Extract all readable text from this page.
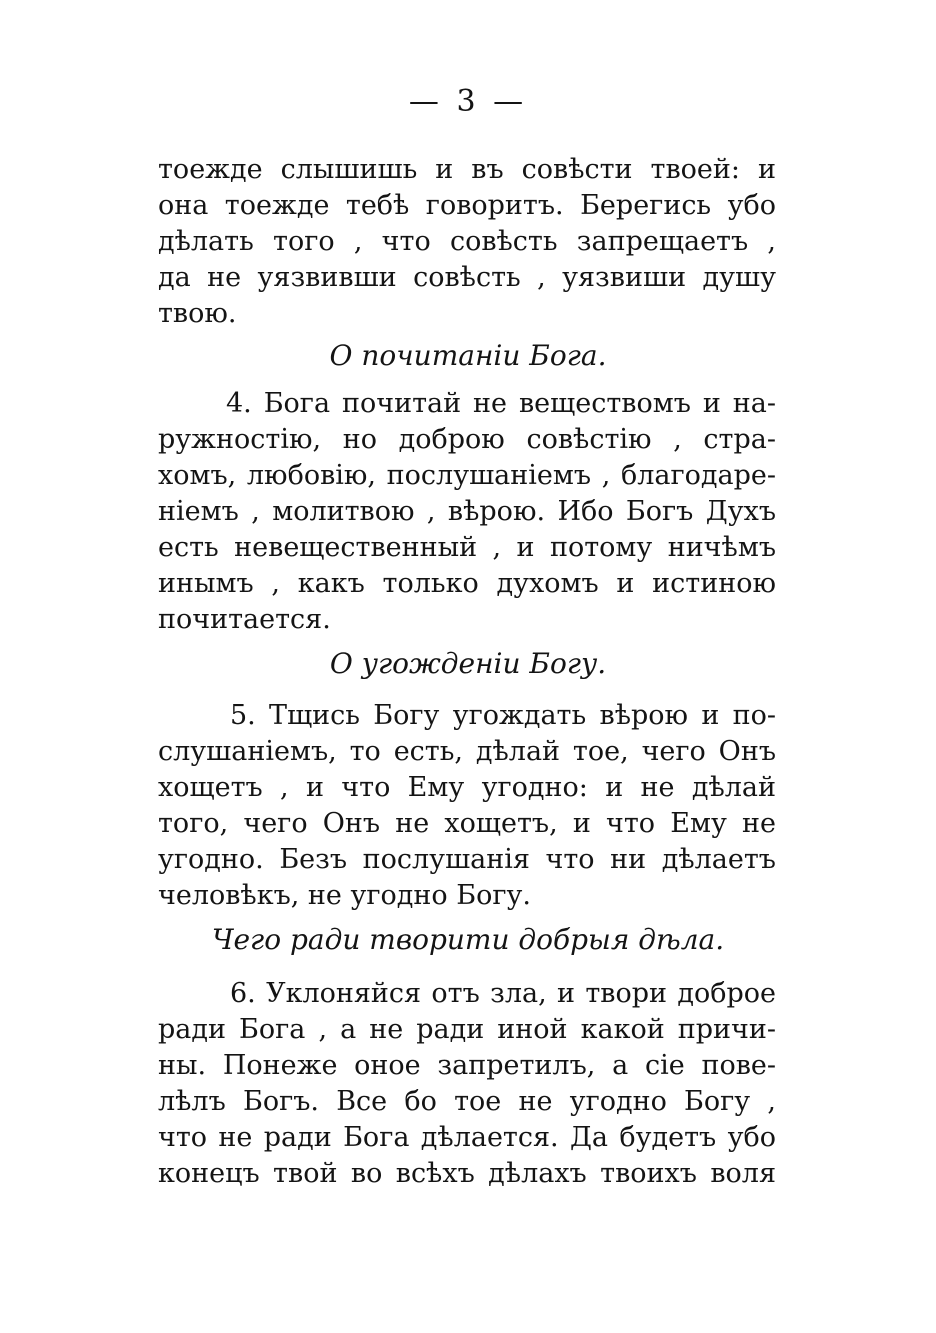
— 3 —
тоежде слышишь и въ совѣсти твоей: и
она тоежде тебѣ говоритъ. Берегись убо
дѣлать того , что совѣсть запрещаетъ ,
да не уязвивши совѣсть , уязвиши душу
твою.
О почитаніи Бога.
4. Бога почитай не веществомъ и на-
ружностію, но доброю совѣстію , стра-
хомъ, любовію, послушаніемъ , благодаре-
ніемъ , молитвою , вѣрою. Ибо Богъ Духъ
есть невещественный , и потому ничѣмъ
инымъ , какъ только духомъ и истиною
почитается.
О угожденіи Богу.
5. Тщись Богу угождать вѣрою и по-
слушаніемъ, то есть, дѣлай тое, чего Онъ
хощетъ , и что Ему угодно: и не дѣлай
того, чего Онъ не хощетъ, и что Ему не
угодно. Безъ послушанія что ни дѣлаетъ
человѣкъ, не угодно Богу.
Чего ради творити добрыя дѣла.
6. Уклоняйся отъ зла, и твори доброе
ради Бога , а не ради иной какой причи-
ны. Понеже оное запретилъ, а сіе пове-
лѣлъ Богъ. Все бо тое не угодно Богу ,
что не ради Бога дѣлается. Да будетъ убо
конецъ твой во всѣхъ дѣлахъ твоихъ воля
